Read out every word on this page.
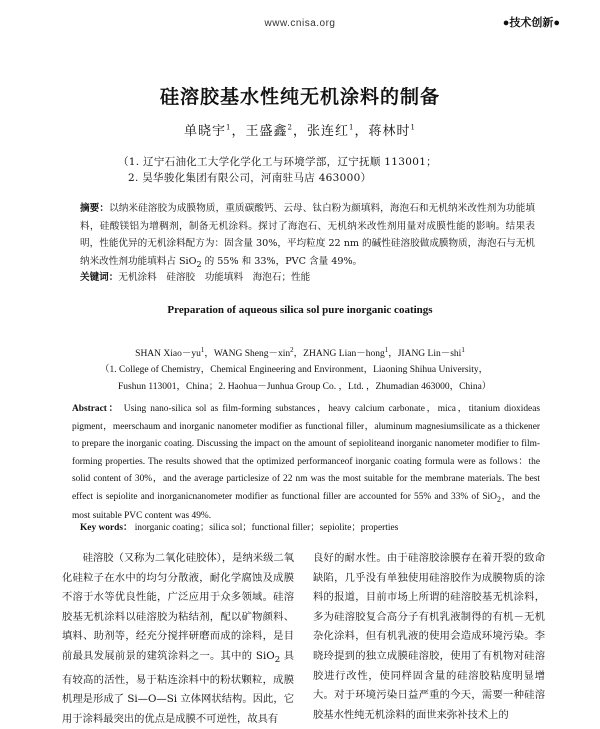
www.cnisa.org	●技术创新●
硅溶胶基水性纯无机涂料的制备
单晓宇$^1$，王盛鑫$^2$，张连红$^1$，蒋林时$^1$
（1. 辽宁石油化工大学化学化工与环境学部，辽宁抚顺 113001；
2. 昊华骏化集团有限公司，河南驻马店 463000）
摘要：以纳米硅溶胶为成膜物质，重质碳酸钙、云母、钛白粉为颜填料，海泡石和无机纳米改性剂为功能填料，硅酸镁铝为增稠剂，制备无机涂料。探讨了海泡石、无机纳米改性剂用量对成膜性能的影响。结果表明，性能优异的无机涂料配方为：固含量 30%，平均粒度 22 nm 的碱性硅溶胶做成膜物质，海泡石与无机纳米改性剂功能填料占 SiO$_2$ 的 55% 和 33%，PVC 含量 49%。
关键词：无机涂料　硅溶胶　功能填料　海泡石；性能
Preparation of aqueous silica sol pure inorganic coatings
SHAN $Xiao-yu^1$，WANG Sheng－xin$^2$，ZHANG Lian－hong$^1$，JIANG Lin－shi$^1$
（1. College of Chemistry，Chemical Engineering and Environment，Liaoning Shihua University，
Fushun 113001，China；2. Haohua－Junhua Group Co. ，Ltd. ，Zhumadian 463000，China）
Abstract： Using nano-silica sol as film-forming substances，heavy calcium carbonate，mica，titanium dioxideas pigment，meerschaum and inorganic nanometer modifier as functional filler，aluminum magnesiumsilicate as a thickener to prepare the inorganic coating. Discussing the impact on the amount of sepioliteand inorganic nanometer modifier to film-forming properties. The results showed that the optimized performanceof inorganic coating formula were as follows：the solid content of 30%，and the average particlesize of 22 nm was the most suitable for the membrane materials. The best effect is sepiolite and inorganicnanometer modifier as functional filler are accounted for 55% and 33% of SiO$_2$，and the most suitable PVC content was 49%.
Key words： inorganic coating；silica sol；functional filler；sepiolite；properties
硅溶胶（又称为二氧化硅胶体），是纳米级二氧化硅粒子在水中的均匀分散液，耐化学腐蚀及成膜不溶于水等优良性能，广泛应用于众多领域。硅溶胶基无机涂料以硅溶胶为粘结剂，配以矿物颜料、填料、助剂等，经充分搅拌研磨而成的涂料，是目前最具发展前景的建筑涂料之一。其中的 SiO$_2$ 具有较高的活性，易于粘连涂料中的粉状颗粒，成膜机理是形成了 Si—O—Si 立体网状结构。因此，它用于涂料最突出的优点是成膜不可逆性，故具有
良好的耐水性。由于硅溶胶涂膜存在着开裂的致命缺陷，几乎没有单独使用硅溶胶作为成膜物质的涂料的报道，目前市场上所谓的硅溶胶基无机涂料，多为硅溶胶复合高分子有机乳液制得的有机－无机杂化涂料，但有机乳液的使用会造成环境污染。李晓玲提到的独立成膜硅溶胶，使用了有机物对硅溶胶进行改性，使同样固含量的硅溶胶粘度明显增大。对于环境污染日益严重的今天，需要一种硅溶胶基水性纯无机涂料的面世来弥补技术上的
